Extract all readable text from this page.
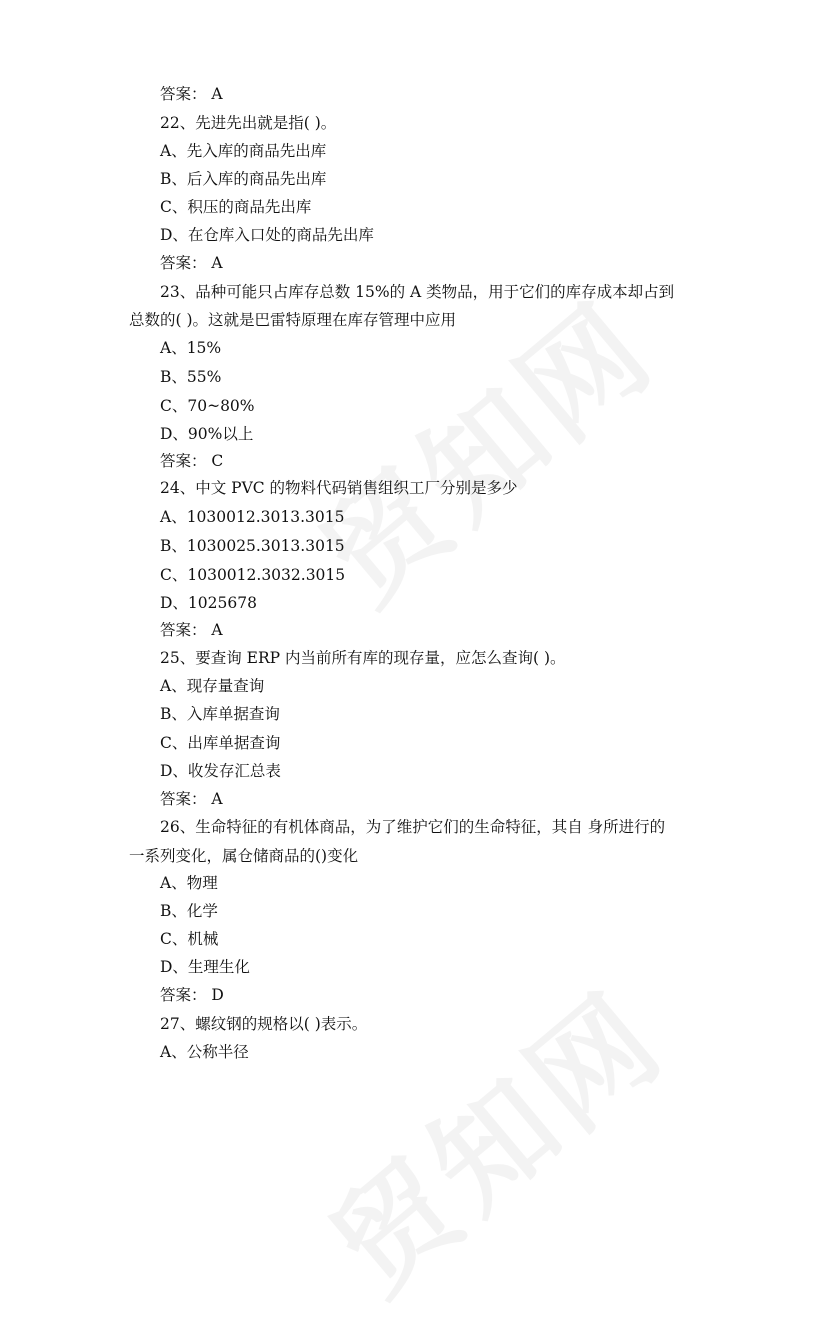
答案： A
22、先进先出就是指( )。
A、先入库的商品先出库
B、后入库的商品先出库
C、积压的商品先出库
D、在仓库入口处的商品先出库
答案： A
23、品种可能只占库存总数 15%的 A 类物品，用于它们的库存成本却占到
总数的( )。这就是巴雷特原理在库存管理中应用
A、15%
B、55%
C、70~80%
D、90%以上
答案： C
24、中文 PVC 的物料代码销售组织工厂分别是多少
A、1030012.3013.3015
B、1030025.3013.3015
C、1030012.3032.3015
D、1025678
答案： A
25、要查询 ERP 内当前所有库的现存量，应怎么查询( )。
A、现存量查询
B、入库单据查询
C、出库单据查询
D、收发存汇总表
答案： A
26、生命特征的有机体商品，为了维护它们的生命特征，其自 身所进行的
一系列变化，属仓储商品的()变化
A、物理
B、化学
C、机械
D、生理生化
答案： D
27、螺纹钢的规格以( )表示。
A、公称半径
